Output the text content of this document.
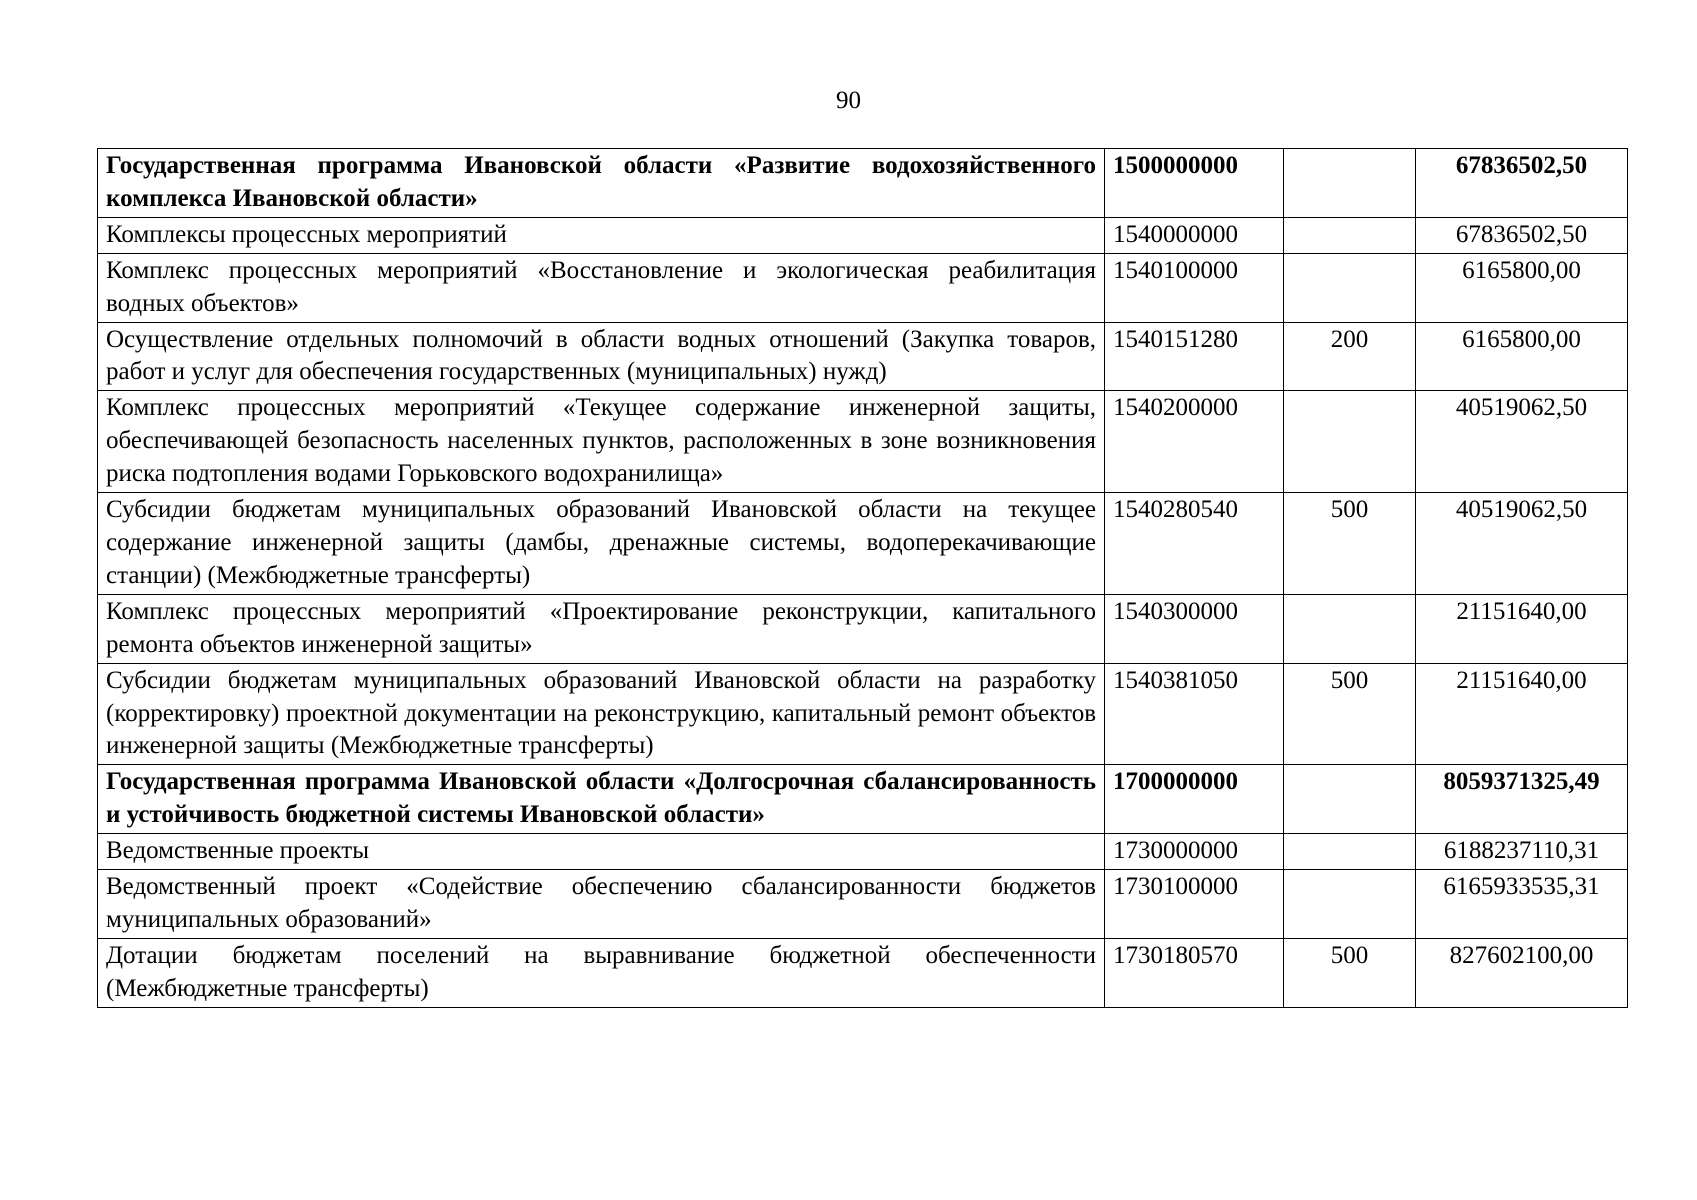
90
Государственная программа Ивановской области «Развитие водохозяйственного комплекса Ивановской области»	1500000000		67836502,50
Комплексы процессных мероприятий	1540000000		67836502,50
Комплекс процессных мероприятий «Восстановление и экологическая реабилитация водных объектов»	1540100000		6165800,00
Осуществление отдельных полномочий в области водных отношений (Закупка товаров, работ и услуг для обеспечения государственных (муниципальных) нужд)	1540151280	200	6165800,00
Комплекс процессных мероприятий «Текущее содержание инженерной защиты, обеспечивающей безопасность населенных пунктов, расположенных в зоне возникновения риска подтопления водами Горьковского водохранилища»	1540200000		40519062,50
Субсидии бюджетам муниципальных образований Ивановской области на текущее содержание инженерной защиты (дамбы, дренажные системы, водоперекачивающие станции) (Межбюджетные трансферты)	1540280540	500	40519062,50
Комплекс процессных мероприятий «Проектирование реконструкции, капитального ремонта объектов инженерной защиты»	1540300000		21151640,00
Субсидии бюджетам муниципальных образований Ивановской области на разработку (корректировку) проектной документации на реконструкцию, капитальный ремонт объектов инженерной защиты (Межбюджетные трансферты)	1540381050	500	21151640,00
Государственная программа Ивановской области «Долгосрочная сбалансированность и устойчивость бюджетной системы Ивановской области»	1700000000		8059371325,49
Ведомственные проекты	1730000000		6188237110,31
Ведомственный проект «Содействие обеспечению сбалансированности бюджетов муниципальных образований»	1730100000		6165933535,31
Дотации бюджетам поселений на выравнивание бюджетной обеспеченности (Межбюджетные трансферты)	1730180570	500	827602100,00
